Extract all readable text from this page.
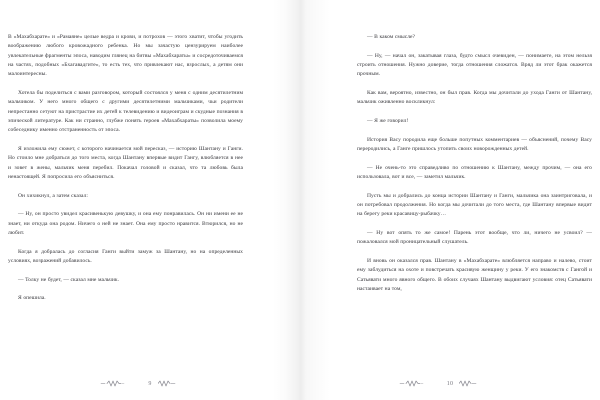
В «Махабхарате» и «Рамаяне» целые ведра и крови, и потрохов — этого хватит, чтобы угодить воображению любого кровожадного ребенка. Но мы зачастую цензурируем наиболее увлекательные фрагменты эпоса, наводим глянец на битвы «Махабхараты» и сосредоточиваемся на частях, подобных «Бхагавадгите», то есть тех, что привлекают нас, взрослых, а детям они малоинтересны.

Хотела бы поделиться с вами разговором, который состоялся у меня с одним десятилетним мальчиком. У него много общего с другими десятилетними мальчиками, чьи родители непрестанно сетуют на пристрастие их детей к телевидению и видеоиграм и скудные познания в эпической литературе. Как ни странно, глубже понять героев «Махабхараты» позволила моему собеседнику именно отстраненность от эпоса.

Я изложила ему сюжет, с которого начинается мой пересказ, — историю Шантану и Ганги. Но стоило мне добраться до того места, когда Шантану впервые видит Гангу, влюбляется в нее и зовет в жены, мальчик меня перебил. Покачал головой и сказал, что та любовь была ненастоящей. Я попросила его объясниться.

Он хихикнул, а затем сказал:

— Ну, он просто увидел красивенькую девушку, и она ему понравилась. Он ни имени ее не знает, ни откуда она родом. Ничего о ней не знает. Она ему просто нравится. Втюрился, но не любит.

Когда я добралась до согласия Ганги выйти замуж за Шантану, но на определенных условиях, возражений добавилось.

— Толку не будет, — сказал мне мальчик.

Я опешила.

9

— В каком смысле?

— Ну, — начал он, закатывая глаза, будто смысл очевиден, — понимаете, на этом нельзя строить отношения. Нужно доверие, тогда отношения сложатся. Вряд ли этот брак окажется прочным.

Как вам, вероятно, известно, он был прав. Когда мы дочитали до ухода Ганги от Шантану, мальчик оживленно воскликнул:

— Я же говорил!

История Васу породила еще больше попутных комментариев — объяснений, почему Васу переродились, а Ганге пришлось утопить своих новорожденных детей.

— Не очень-то это справедливо по отношению к Шантану, между прочим, — она его использовала, вот и все, — заметил мальчик.

Пусть мы и добрались до конца истории Шантану и Ганги, мальчика она заинтриговала, и он потребовал продолжения. Но когда мы дочитали до того места, где Шантану впервые видит на берегу реки красавицу-рыбачку…

— Ну вот опять то же самое! Парень этот вообще, что ли, ничего не усвоил? — пожаловался мой проницательный слушатель.

И вновь он оказался прав. Шантану в «Махабхарате» влюбляется направо и налево, стоит ему заблудиться на охоте и повстречать красивую женщину у реки. У его знакомств с Гангой и Сатьявати много явного общего. В обоих случаях Шантану выдвигают условия: отец Сатьявати настаивает на том,

10
